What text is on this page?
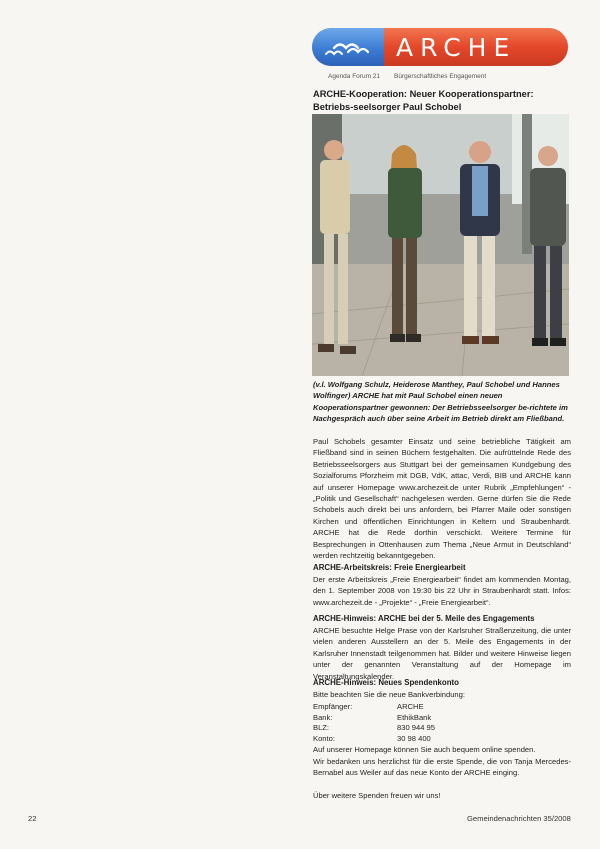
ARCHE
Agenda Forum 21 Bürgerschaftliches Engagement
ARCHE-Kooperation: Neuer Kooperationspartner: Betriebs-seelsorger Paul Schobel
(v.l. Wolfgang Schulz, Heiderose Manthey, Paul Schobel und Hannes Wolfinger) ARCHE hat mit Paul Schobel einen neuen Kooperationspartner gewonnen: Der Betriebsseelsorger be-richtete im Nachgespräch auch über seine Arbeit im Betrieb direkt am Fließband.
Paul Schobels gesamter Einsatz und seine betriebliche Tätigkeit am Fließband sind in seinen Büchern festgehalten. Die aufrüttelnde Rede des Betriebsseelsorgers aus Stuttgart bei der gemeinsamen Kundgebung des Sozialforums Pforzheim mit DGB, VdK, attac, Verdi, BIB und ARCHE kann auf unserer Homepage www.archezeit.de unter Rubrik „Empfehlungen“ - „Politik und Gesellschaft“ nachgelesen werden. Gerne dürfen Sie die Rede Schobels auch direkt bei uns anfordern, bei Pfarrer Maile oder sonstigen Kirchen und öffentlichen Einrichtungen in Keltern und Straubenhardt. ARCHE hat die Rede dorthin verschickt. Weitere Termine für Besprechungen in Ottenhausen zum Thema „Neue Armut in Deutschland“ werden rechtzeitig bekanntgegeben.
ARCHE-Arbeitskreis: Freie Energiearbeit
Der erste Arbeitskreis „Freie Energiearbeit“ findet am kommenden Montag, den 1. September 2008 von 19:30 bis 22 Uhr in Straubenhardt statt. Infos: www.archezeit.de - „Projekte“ - „Freie Energiearbeit“.
ARCHE-Hinweis: ARCHE bei der 5. Meile des Engagements
ARCHE besuchte Helge Prase von der Karlsruher Straßenzeitung, die unter vielen anderen Ausstellern an der 5. Meile des Engagements in der Karlsruher Innenstadt teilgenommen hat. Bilder und weitere Hinweise liegen unter der genannten Veranstaltung auf der Homepage im Veranstaltungskalender.
ARCHE-Hinweis: Neues Spendenkonto
Bitte beachten Sie die neue Bankverbindung:
Empfänger:	ARCHE
Bank:	EthikBank
BLZ:	830 944 95
Konto:	30 98 400
Auf unserer Homepage können Sie auch bequem online spenden.
Wir bedanken uns herzlichst für die erste Spende, die von Tanja Mercedes-Bernabel aus Weiler auf das neue Konto der ARCHE einging.
Über weitere Spenden freuen wir uns!
22	Gemeindenachrichten 35/2008
